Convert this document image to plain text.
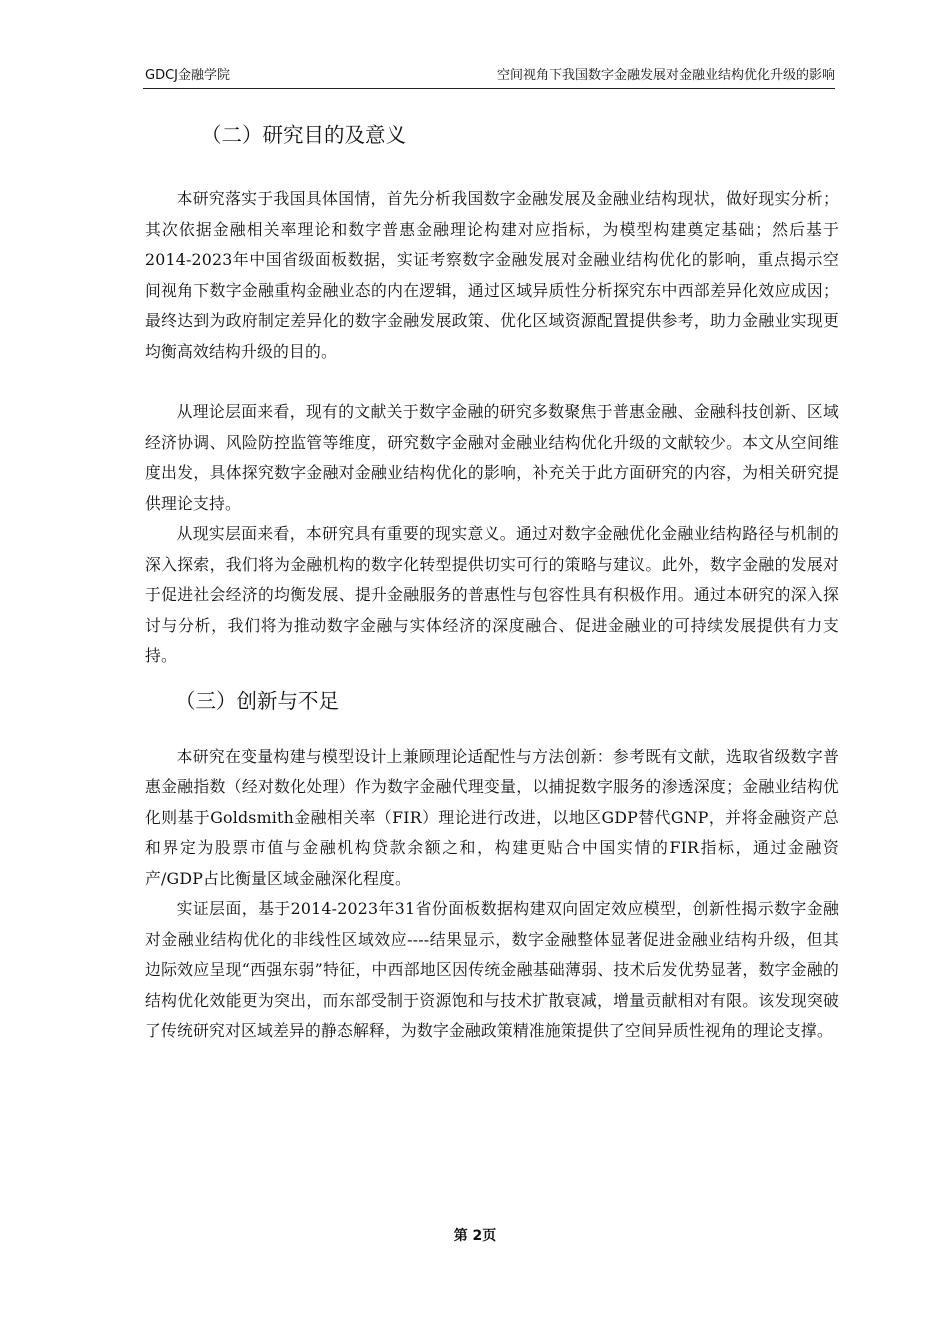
GDCJ金融学院	空间视角下我国数字金融发展对金融业结构优化升级的影响
（二）研究目的及意义

本研究落实于我国具体国情，首先分析我国数字金融发展及金融业结构现状，做好现实分析；其次依据金融相关率理论和数字普惠金融理论构建对应指标，为模型构建奠定基础；然后基于2014-2023年中国省级面板数据，实证考察数字金融发展对金融业结构优化的影响，重点揭示空间视角下数字金融重构金融业态的内在逻辑，通过区域异质性分析探究东中西部差异化效应成因；最终达到为政府制定差异化的数字金融发展政策、优化区域资源配置提供参考，助力金融业实现更均衡高效结构升级的目的。

从理论层面来看，现有的文献关于数字金融的研究多数聚焦于普惠金融、金融科技创新、区域经济协调、风险防控监管等维度，研究数字金融对金融业结构优化升级的文献较少。本文从空间维度出发，具体探究数字金融对金融业结构优化的影响，补充关于此方面研究的内容，为相关研究提供理论支持。

从现实层面来看，本研究具有重要的现实意义。通过对数字金融优化金融业结构路径与机制的深入探索，我们将为金融机构的数字化转型提供切实可行的策略与建议。此外，数字金融的发展对于促进社会经济的均衡发展、提升金融服务的普惠性与包容性具有积极作用。通过本研究的深入探讨与分析，我们将为推动数字金融与实体经济的深度融合、促进金融业的可持续发展提供有力支持。

（三）创新与不足

本研究在变量构建与模型设计上兼顾理论适配性与方法创新：参考既有文献，选取省级数字普惠金融指数（经对数化处理）作为数字金融代理变量，以捕捉数字服务的渗透深度；金融业结构优化则基于Goldsmith金融相关率（FIR）理论进行改进，以地区GDP替代GNP，并将金融资产总和界定为股票市值与金融机构贷款余额之和，构建更贴合中国实情的FIR指标，通过金融资产/GDP占比衡量区域金融深化程度。

实证层面，基于2014-2023年31省份面板数据构建双向固定效应模型，创新性揭示数字金融对金融业结构优化的非线性区域效应----结果显示，数字金融整体显著促进金融业结构升级，但其边际效应呈现“西强东弱”特征，中西部地区因传统金融基础薄弱、技术后发优势显著，数字金融的结构优化效能更为突出，而东部受制于资源饱和与技术扩散衰减，增量贡献相对有限。该发现突破了传统研究对区域差异的静态解释，为数字金融政策精准施策提供了空间异质性视角的理论支撑。

第 2页
